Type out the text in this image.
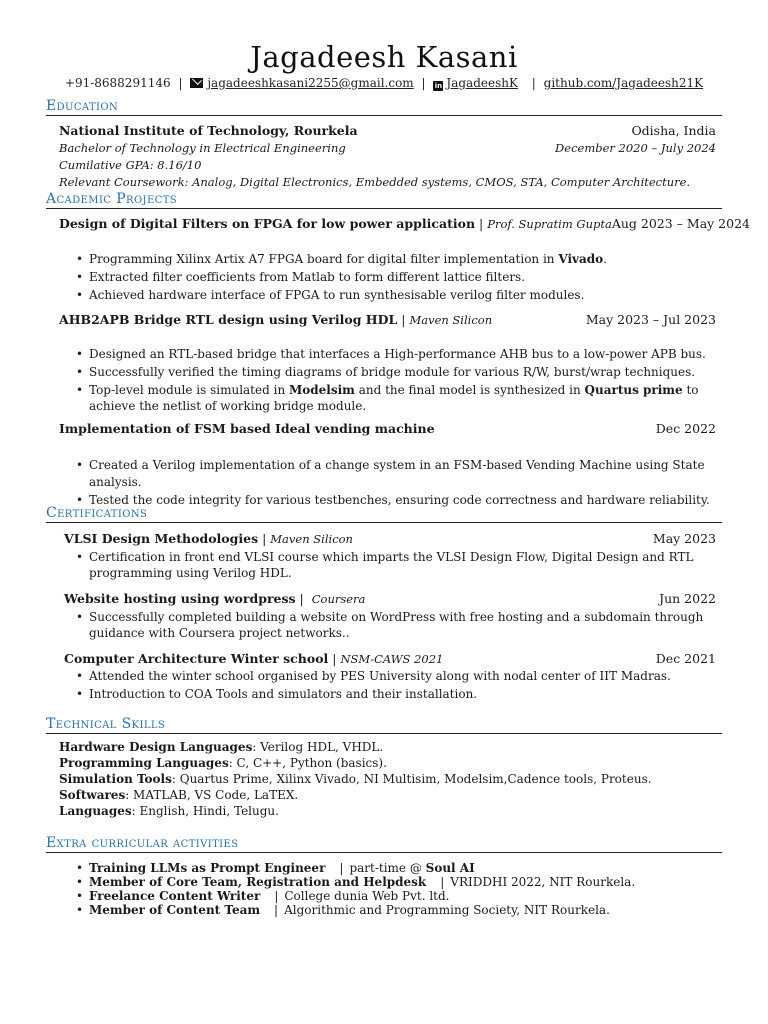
Jagadeesh Kasani
+91-8688291146 | jagadeeshkasani2255@gmail.com | in JagadeeshK | github.com/Jagadeesh21K
Education
National Institute of Technology, Rourkela	Odisha, India
Bachelor of Technology in Electrical Engineering	December 2020 – July 2024
Cumilative GPA: 8.16/10
Relevant Coursework: Analog, Digital Electronics, Embedded systems, CMOS, STA, Computer Architecture.
Academic Projects
Design of Digital Filters on FPGA for low power application | Prof. Supratim Gupta Aug 2023 – May 2024
• Programming Xilinx Artix A7 FPGA board for digital filter implementation in Vivado.
• Extracted filter coefficients from Matlab to form different lattice filters.
• Achieved hardware interface of FPGA to run synthesisable verilog filter modules.
AHB2APB Bridge RTL design using Verilog HDL | Maven Silicon	May 2023 – Jul 2023
• Designed an RTL-based bridge that interfaces a High-performance AHB bus to a low-power APB bus.
• Successfully verified the timing diagrams of bridge module for various R/W, burst/wrap techniques.
• Top-level module is simulated in Modelsim and the final model is synthesized in Quartus prime to achieve the netlist of working bridge module.
Implementation of FSM based Ideal vending machine	Dec 2022
• Created a Verilog implementation of a change system in an FSM-based Vending Machine using State analysis.
• Tested the code integrity for various testbenches, ensuring code correctness and hardware reliability.
Certifications
VLSI Design Methodologies | Maven Silicon	May 2023
• Certification in front end VLSI course which imparts the VLSI Design Flow, Digital Design and RTL programming using Verilog HDL.
Website hosting using wordpress |  Coursera	Jun 2022
• Successfully completed building a website on WordPress with free hosting and a subdomain through guidance with Coursera project networks..
Computer Architecture Winter school | NSM-CAWS 2021	Dec 2021
• Attended the winter school organised by PES University along with nodal center of IIT Madras.
• Introduction to COA Tools and simulators and their installation.
Technical Skills
Hardware Design Languages: Verilog HDL, VHDL.
Programming Languages: C, C++, Python (basics).
Simulation Tools: Quartus Prime, Xilinx Vivado, NI Multisim, Modelsim,Cadence tools, Proteus.
Softwares: MATLAB, VS Code, LaTEX.
Languages: English, Hindi, Telugu.
Extra curricular activities
• Training LLMs as Prompt Engineer | part-time @ Soul AI
• Member of Core Team, Registration and Helpdesk | VRIDDHI 2022, NIT Rourkela.
• Freelance Content Writer | College dunia Web Pvt. ltd.
• Member of Content Team | Algorithmic and Programming Society, NIT Rourkela.
